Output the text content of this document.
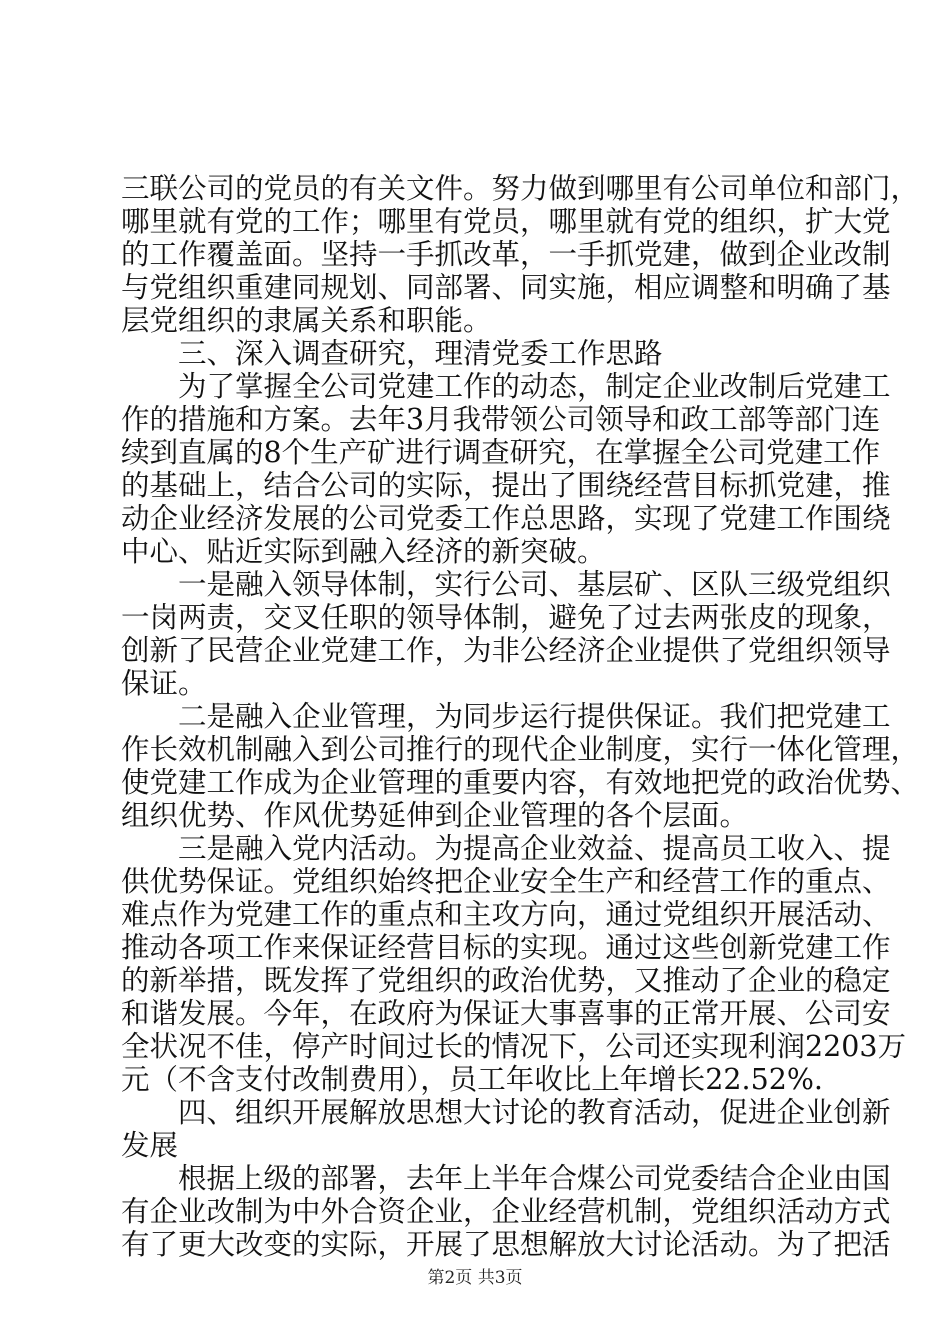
三联公司的党员的有关文件。努力做到哪里有公司单位和部门，
哪里就有党的工作；哪里有党员，哪里就有党的组织，扩大党
的工作覆盖面。坚持一手抓改革，一手抓党建，做到企业改制
与党组织重建同规划、同部署、同实施，相应调整和明确了基
层党组织的隶属关系和职能。
三、深入调查研究，理清党委工作思路
为了掌握全公司党建工作的动态，制定企业改制后党建工
作的措施和方案。去年3月我带领公司领导和政工部等部门连
续到直属的8个生产矿进行调查研究，在掌握全公司党建工作
的基础上，结合公司的实际，提出了围绕经营目标抓党建，推
动企业经济发展的公司党委工作总思路，实现了党建工作围绕
中心、贴近实际到融入经济的新突破。
一是融入领导体制，实行公司、基层矿、区队三级党组织
一岗两责，交叉任职的领导体制，避免了过去两张皮的现象，
创新了民营企业党建工作，为非公经济企业提供了党组织领导
保证。
二是融入企业管理，为同步运行提供保证。我们把党建工
作长效机制融入到公司推行的现代企业制度，实行一体化管理，
使党建工作成为企业管理的重要内容，有效地把党的政治优势、
组织优势、作风优势延伸到企业管理的各个层面。
三是融入党内活动。为提高企业效益、提高员工收入、提
供优势保证。党组织始终把企业安全生产和经营工作的重点、
难点作为党建工作的重点和主攻方向，通过党组织开展活动、
推动各项工作来保证经营目标的实现。通过这些创新党建工作
的新举措，既发挥了党组织的政治优势，又推动了企业的稳定
和谐发展。今年，在政府为保证大事喜事的正常开展、公司安
全状况不佳，停产时间过长的情况下，公司还实现利润2203万
元（不含支付改制费用），员工年收比上年增长22.52%.
四、组织开展解放思想大讨论的教育活动，促进企业创新
发展
根据上级的部署，去年上半年合煤公司党委结合企业由国
有企业改制为中外合资企业，企业经营机制，党组织活动方式
有了更大改变的实际，开展了思想解放大讨论活动。为了把活
第2页 共3页
